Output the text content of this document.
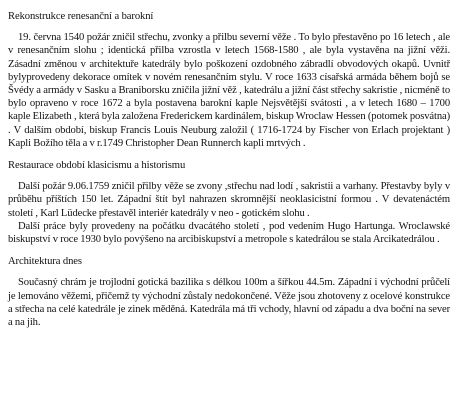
Rekonstrukce renesanční a barokní

19. června 1540 požár zničil střechu, zvonky a přilbu severní věže . To bylo přestavěno po 16 letech , ale v renesančním slohu ; identická přilba vzrostla v letech 1568-1580 , ale byla vystavěna na jižní věži. Zásadní změnou v architektuře katedrály bylo poškození ozdobného zábradlí obvodových okapů. Uvnitř bylyprovedeny dekorace omítek v novém renesančním stylu. V roce 1633 císařská armáda během bojů se Švédy a armády v Sasku a Braniborsku zničila jižní věž , katedrálu a jižní část střechy sakristie , nicméně to bylo opraveno v roce 1672 a byla postavena barokní kaple Nejsvětější svátosti , a v letech 1680 – 1700 kaple Elizabeth , která byla založena Frederickem kardinálem, biskup Wroclaw Hessen (potomek posvátna) . V dalším období, biskup Francis Louis Neuburg založil ( 1716-1724 by Fischer von Erlach projektant ) Kapli Božího těla a v r.1749 Christopher Dean Runnerch kapli mrtvých .

Restaurace období klasicismu a historismu

Další požár 9.06.1759 zničil přilby věže se zvony ,střechu nad lodí , sakristii a varhany. Přestavby byly v průběhu příštích 150 let. Západní štít byl nahrazen skromnější neoklasicistní formou . V devatenáctém století , Karl Lüdecke přestavěl interiér katedrály v neo - gotickém slohu .

Další práce byly provedeny na počátku dvacátého století , pod vedením Hugo Hartunga. Wroclawské biskupství v roce 1930 bylo povýšeno na arcibiskupství a metropole s katedrálou se stala Arcikatedrálou .

Architektura dnes

Současný chrám je trojlodní gotická bazilika s délkou 100m a šířkou 44.5m. Západní i východní průčelí je lemováno věžemi, přičemž ty východní zůstaly nedokončené. Věže jsou zhotoveny z ocelové konstrukce a střecha na celé katedrále je zinek měděná. Katedrála má tři vchody, hlavní od západu a dva boční na sever a na jih.
